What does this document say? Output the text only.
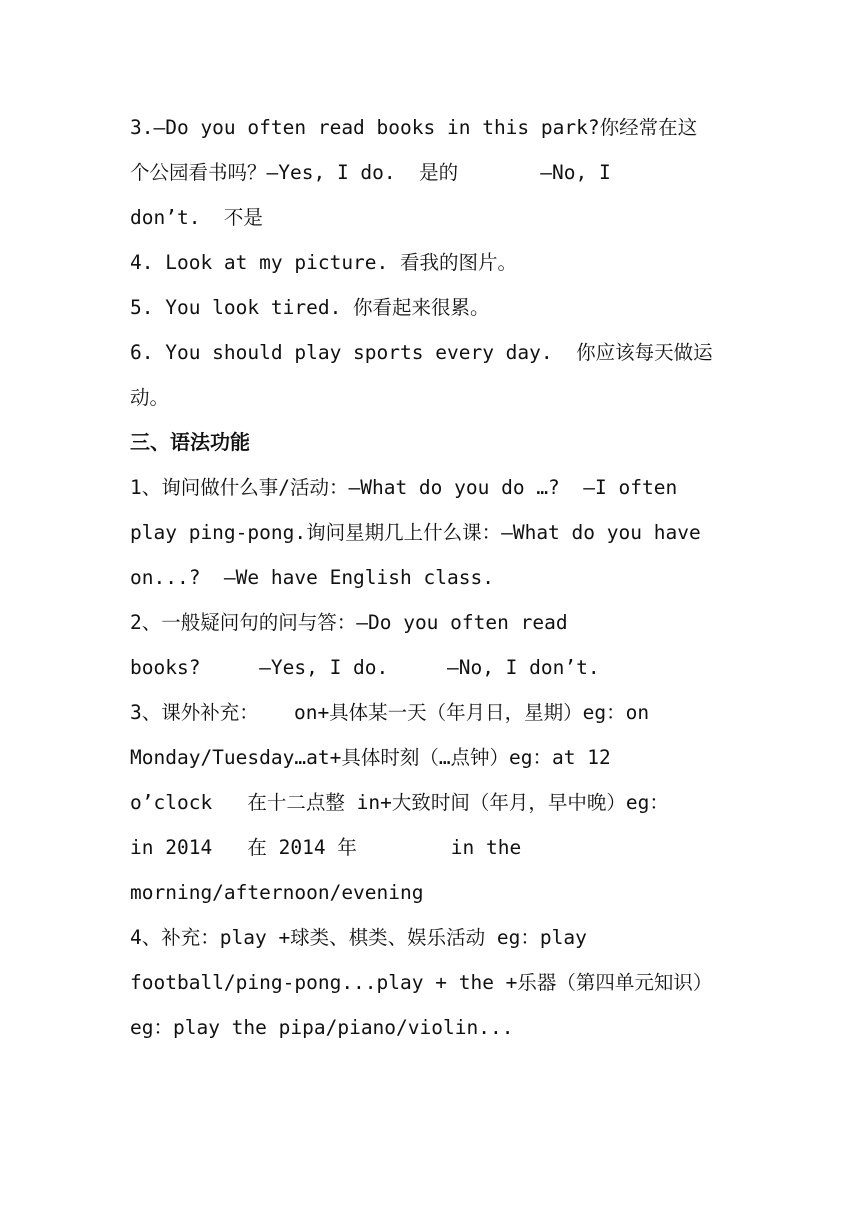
3.—Do you often read books in this park?你经常在这
个公园看书吗？—Yes, I do.  是的       —No, I
don’t.  不是
4. Look at my picture. 看我的图片。
5. You look tired. 你看起来很累。
6. You should play sports every day.  你应该每天做运
动。
三、语法功能
1、询问做什么事/活动：—What do you do …?  —I often
play ping-pong.询问星期几上什么课：—What do you have
on...?  —We have English class.
2、一般疑问句的问与答：—Do you often read
books?     —Yes, I do.     —No, I don’t.
3、课外补充：   on+具体某一天（年月日，星期）eg：on
Monday/Tuesday…at+具体时刻（…点钟）eg：at 12
o’clock   在十二点整 in+大致时间（年月，早中晚）eg：
in 2014   在 2014 年        in the
morning/afternoon/evening
4、补充：play +球类、棋类、娱乐活动 eg：play
football/ping-pong...play + the +乐器（第四单元知识）
eg：play the pipa/piano/violin...
